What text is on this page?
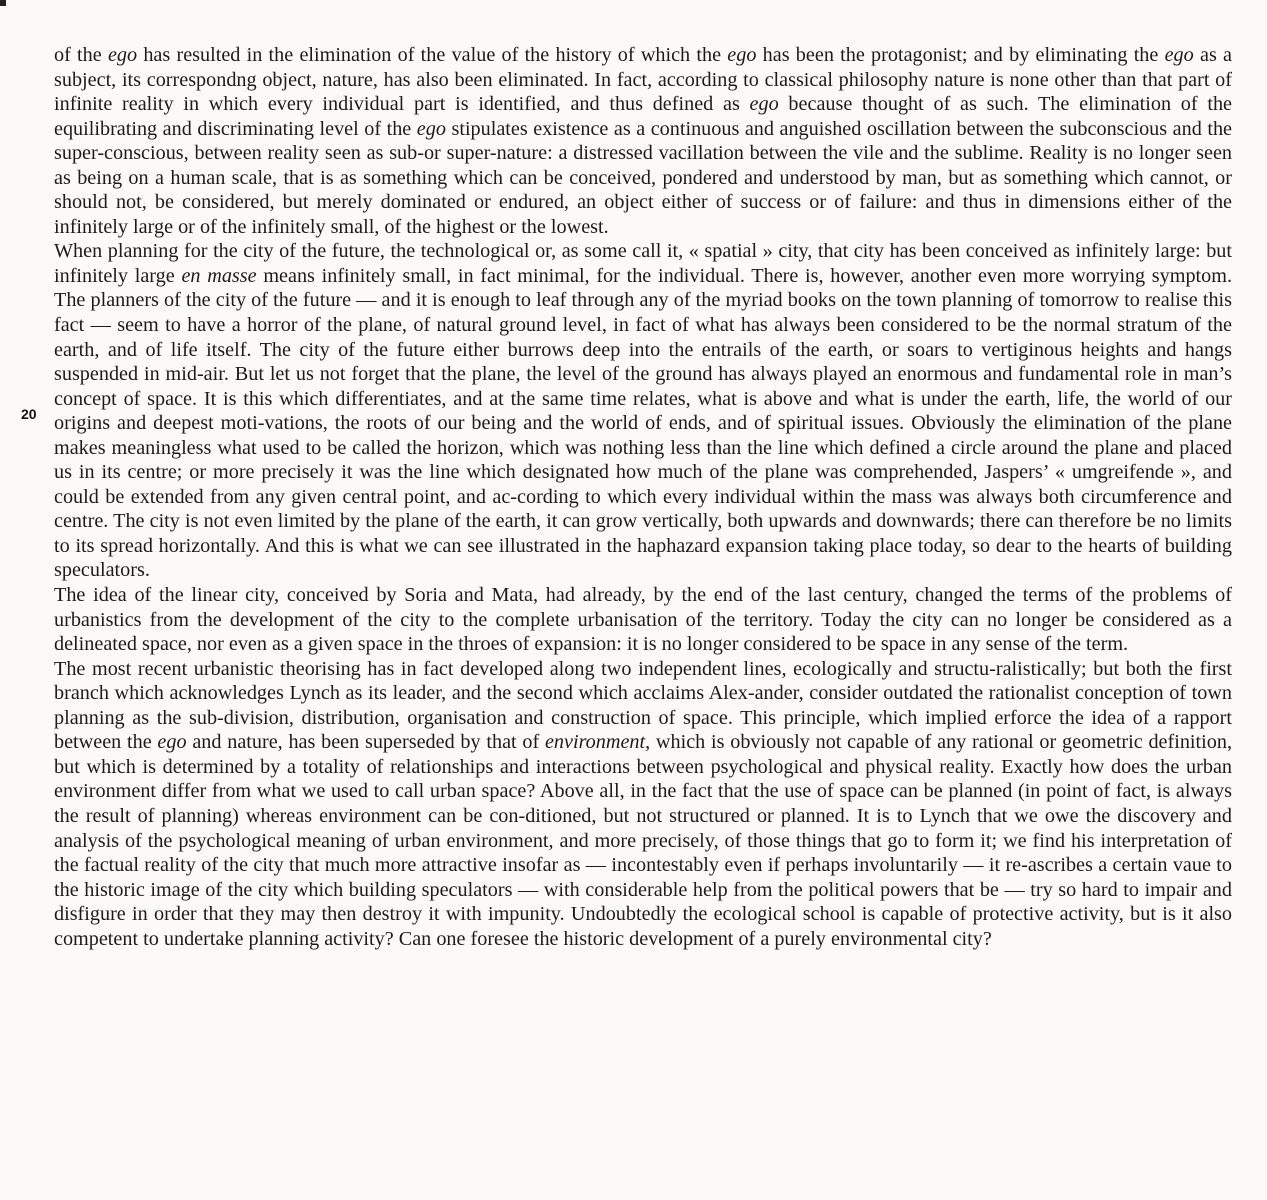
20

of the ego has resulted in the elimination of the value of the history of which the ego has been the protagonist; and by eliminating the ego as a subject, its correspondng object, nature, has also been eliminated. In fact, according to classical philosophy nature is none other than that part of infinite reality in which every individual part is identified, and thus defined as ego because thought of as such. The elimination of the equilibrating and discriminating level of the ego stipulates existence as a continuous and anguished oscillation between the subconscious and the super-conscious, between reality seen as sub-or super-nature: a distressed vacillation between the vile and the sublime. Reality is no longer seen as being on a human scale, that is as something which can be conceived, pondered and understood by man, but as something which cannot, or should not, be considered, but merely dominated or endured, an object either of success or of failure: and thus in dimensions either of the infinitely large or of the infinitely small, of the highest or the lowest.

When planning for the city of the future, the technological or, as some call it, « spatial » city, that city has been conceived as infinitely large: but infinitely large en masse means infinitely small, in fact minimal, for the individual. There is, however, another even more worrying symptom. The planners of the city of the future — and it is enough to leaf through any of the myriad books on the town planning of tomorrow to realise this fact — seem to have a horror of the plane, of natural ground level, in fact of what has always been considered to be the normal stratum of the earth, and of life itself. The city of the future either burrows deep into the entrails of the earth, or soars to vertiginous heights and hangs suspended in mid-air. But let us not forget that the plane, the level of the ground has always played an enormous and fundamental role in man’s concept of space. It is this which differentiates, and at the same time relates, what is above and what is under the earth, life, the world of our origins and deepest moti-vations, the roots of our being and the world of ends, and of spiritual issues. Obviously the elimination of the plane makes meaningless what used to be called the horizon, which was nothing less than the line which defined a circle around the plane and placed us in its centre; or more precisely it was the line which designated how much of the plane was comprehended, Jaspers’ « umgreifende », and could be extended from any given central point, and ac-cording to which every individual within the mass was always both circumference and centre. The city is not even limited by the plane of the earth, it can grow vertically, both upwards and downwards; there can therefore be no limits to its spread horizontally. And this is what we can see illustrated in the haphazard expansion taking place today, so dear to the hearts of building speculators.

The idea of the linear city, conceived by Soria and Mata, had already, by the end of the last century, changed the terms of the problems of urbanistics from the development of the city to the complete urbanisation of the territory. Today the city can no longer be considered as a delineated space, nor even as a given space in the throes of expansion: it is no longer considered to be space in any sense of the term.

The most recent urbanistic theorising has in fact developed along two independent lines, ecologically and structu-ralistically; but both the first branch which acknowledges Lynch as its leader, and the second which acclaims Alex-ander, consider outdated the rationalist conception of town planning as the sub-division, distribution, organisation and construction of space. This principle, which implied erforce the idea of a rapport between the ego and nature, has been superseded by that of environment, which is obviously not capable of any rational or geometric definition, but which is determined by a totality of relationships and interactions between psychological and physical reality. Exactly how does the urban environment differ from what we used to call urban space? Above all, in the fact that the use of space can be planned (in point of fact, is always the result of planning) whereas environment can be con-ditioned, but not structured or planned. It is to Lynch that we owe the discovery and analysis of the psychological meaning of urban environment, and more precisely, of those things that go to form it; we find his interpretation of the factual reality of the city that much more attractive insofar as — incontestably even if perhaps involuntarily — it re-ascribes a certain vaue to the historic image of the city which building speculators — with considerable help from the political powers that be — try so hard to impair and disfigure in order that they may then destroy it with impunity. Undoubtedly the ecological school is capable of protective activity, but is it also competent to undertake planning activity? Can one foresee the historic development of a purely environmental city?
